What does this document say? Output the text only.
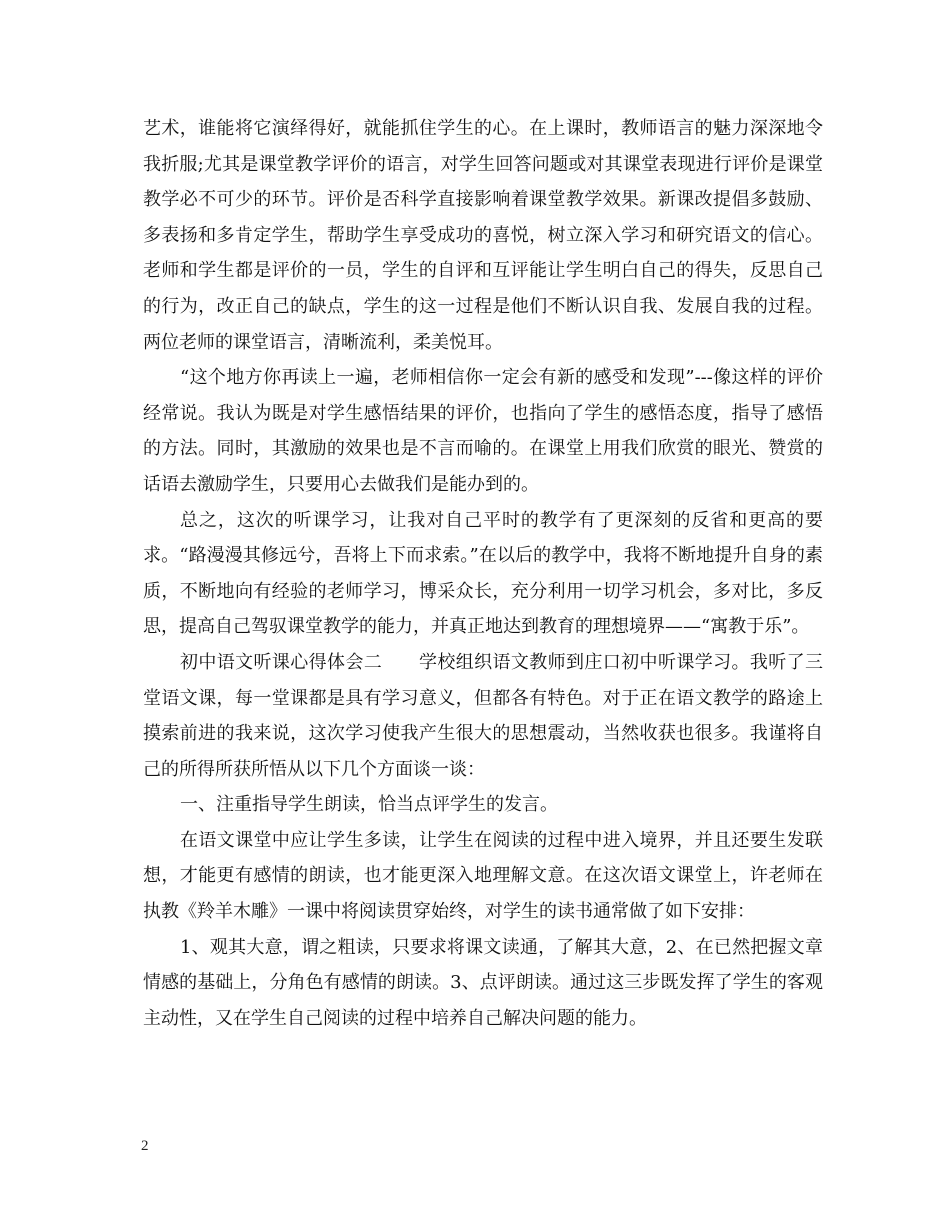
艺术，谁能将它演绎得好，就能抓住学生的心。在上课时，教师语言的魅力深深地令我折服;尤其是课堂教学评价的语言，对学生回答问题或对其课堂表现进行评价是课堂教学必不可少的环节。评价是否科学直接影响着课堂教学效果。新课改提倡多鼓励、多表扬和多肯定学生，帮助学生享受成功的喜悦，树立深入学习和研究语文的信心。老师和学生都是评价的一员，学生的自评和互评能让学生明白自己的得失，反思自己的行为，改正自己的缺点，学生的这一过程是他们不断认识自我、发展自我的过程。两位老师的课堂语言，清晰流利，柔美悦耳。

“这个地方你再读上一遍，老师相信你一定会有新的感受和发现”---像这样的评价经常说。我认为既是对学生感悟结果的评价，也指向了学生的感悟态度，指导了感悟的方法。同时，其激励的效果也是不言而喻的。在课堂上用我们欣赏的眼光、赞赏的话语去激励学生，只要用心去做我们是能办到的。

总之，这次的听课学习，让我对自己平时的教学有了更深刻的反省和更高的要求。“路漫漫其修远兮，吾将上下而求索。”在以后的教学中，我将不断地提升自身的素质，不断地向有经验的老师学习，博采众长，充分利用一切学习机会，多对比，多反思，提高自己驾驭课堂教学的能力，并真正地达到教育的理想境界——“寓教于乐”。

初中语文听课心得体会二　　学校组织语文教师到庄口初中听课学习。我听了三堂语文课，每一堂课都是具有学习意义，但都各有特色。对于正在语文教学的路途上摸索前进的我来说，这次学习使我产生很大的思想震动，当然收获也很多。我谨将自己的所得所获所悟从以下几个方面谈一谈：

一、注重指导学生朗读，恰当点评学生的发言。

在语文课堂中应让学生多读，让学生在阅读的过程中进入境界，并且还要生发联想，才能更有感情的朗读，也才能更深入地理解文意。在这次语文课堂上，许老师在执教《羚羊木雕》一课中将阅读贯穿始终，对学生的读书通常做了如下安排：

1、观其大意，谓之粗读，只要求将课文读通，了解其大意，2、在已然把握文章情感的基础上，分角色有感情的朗读。3、点评朗读。通过这三步既发挥了学生的客观主动性，又在学生自己阅读的过程中培养自己解决问题的能力。

2
